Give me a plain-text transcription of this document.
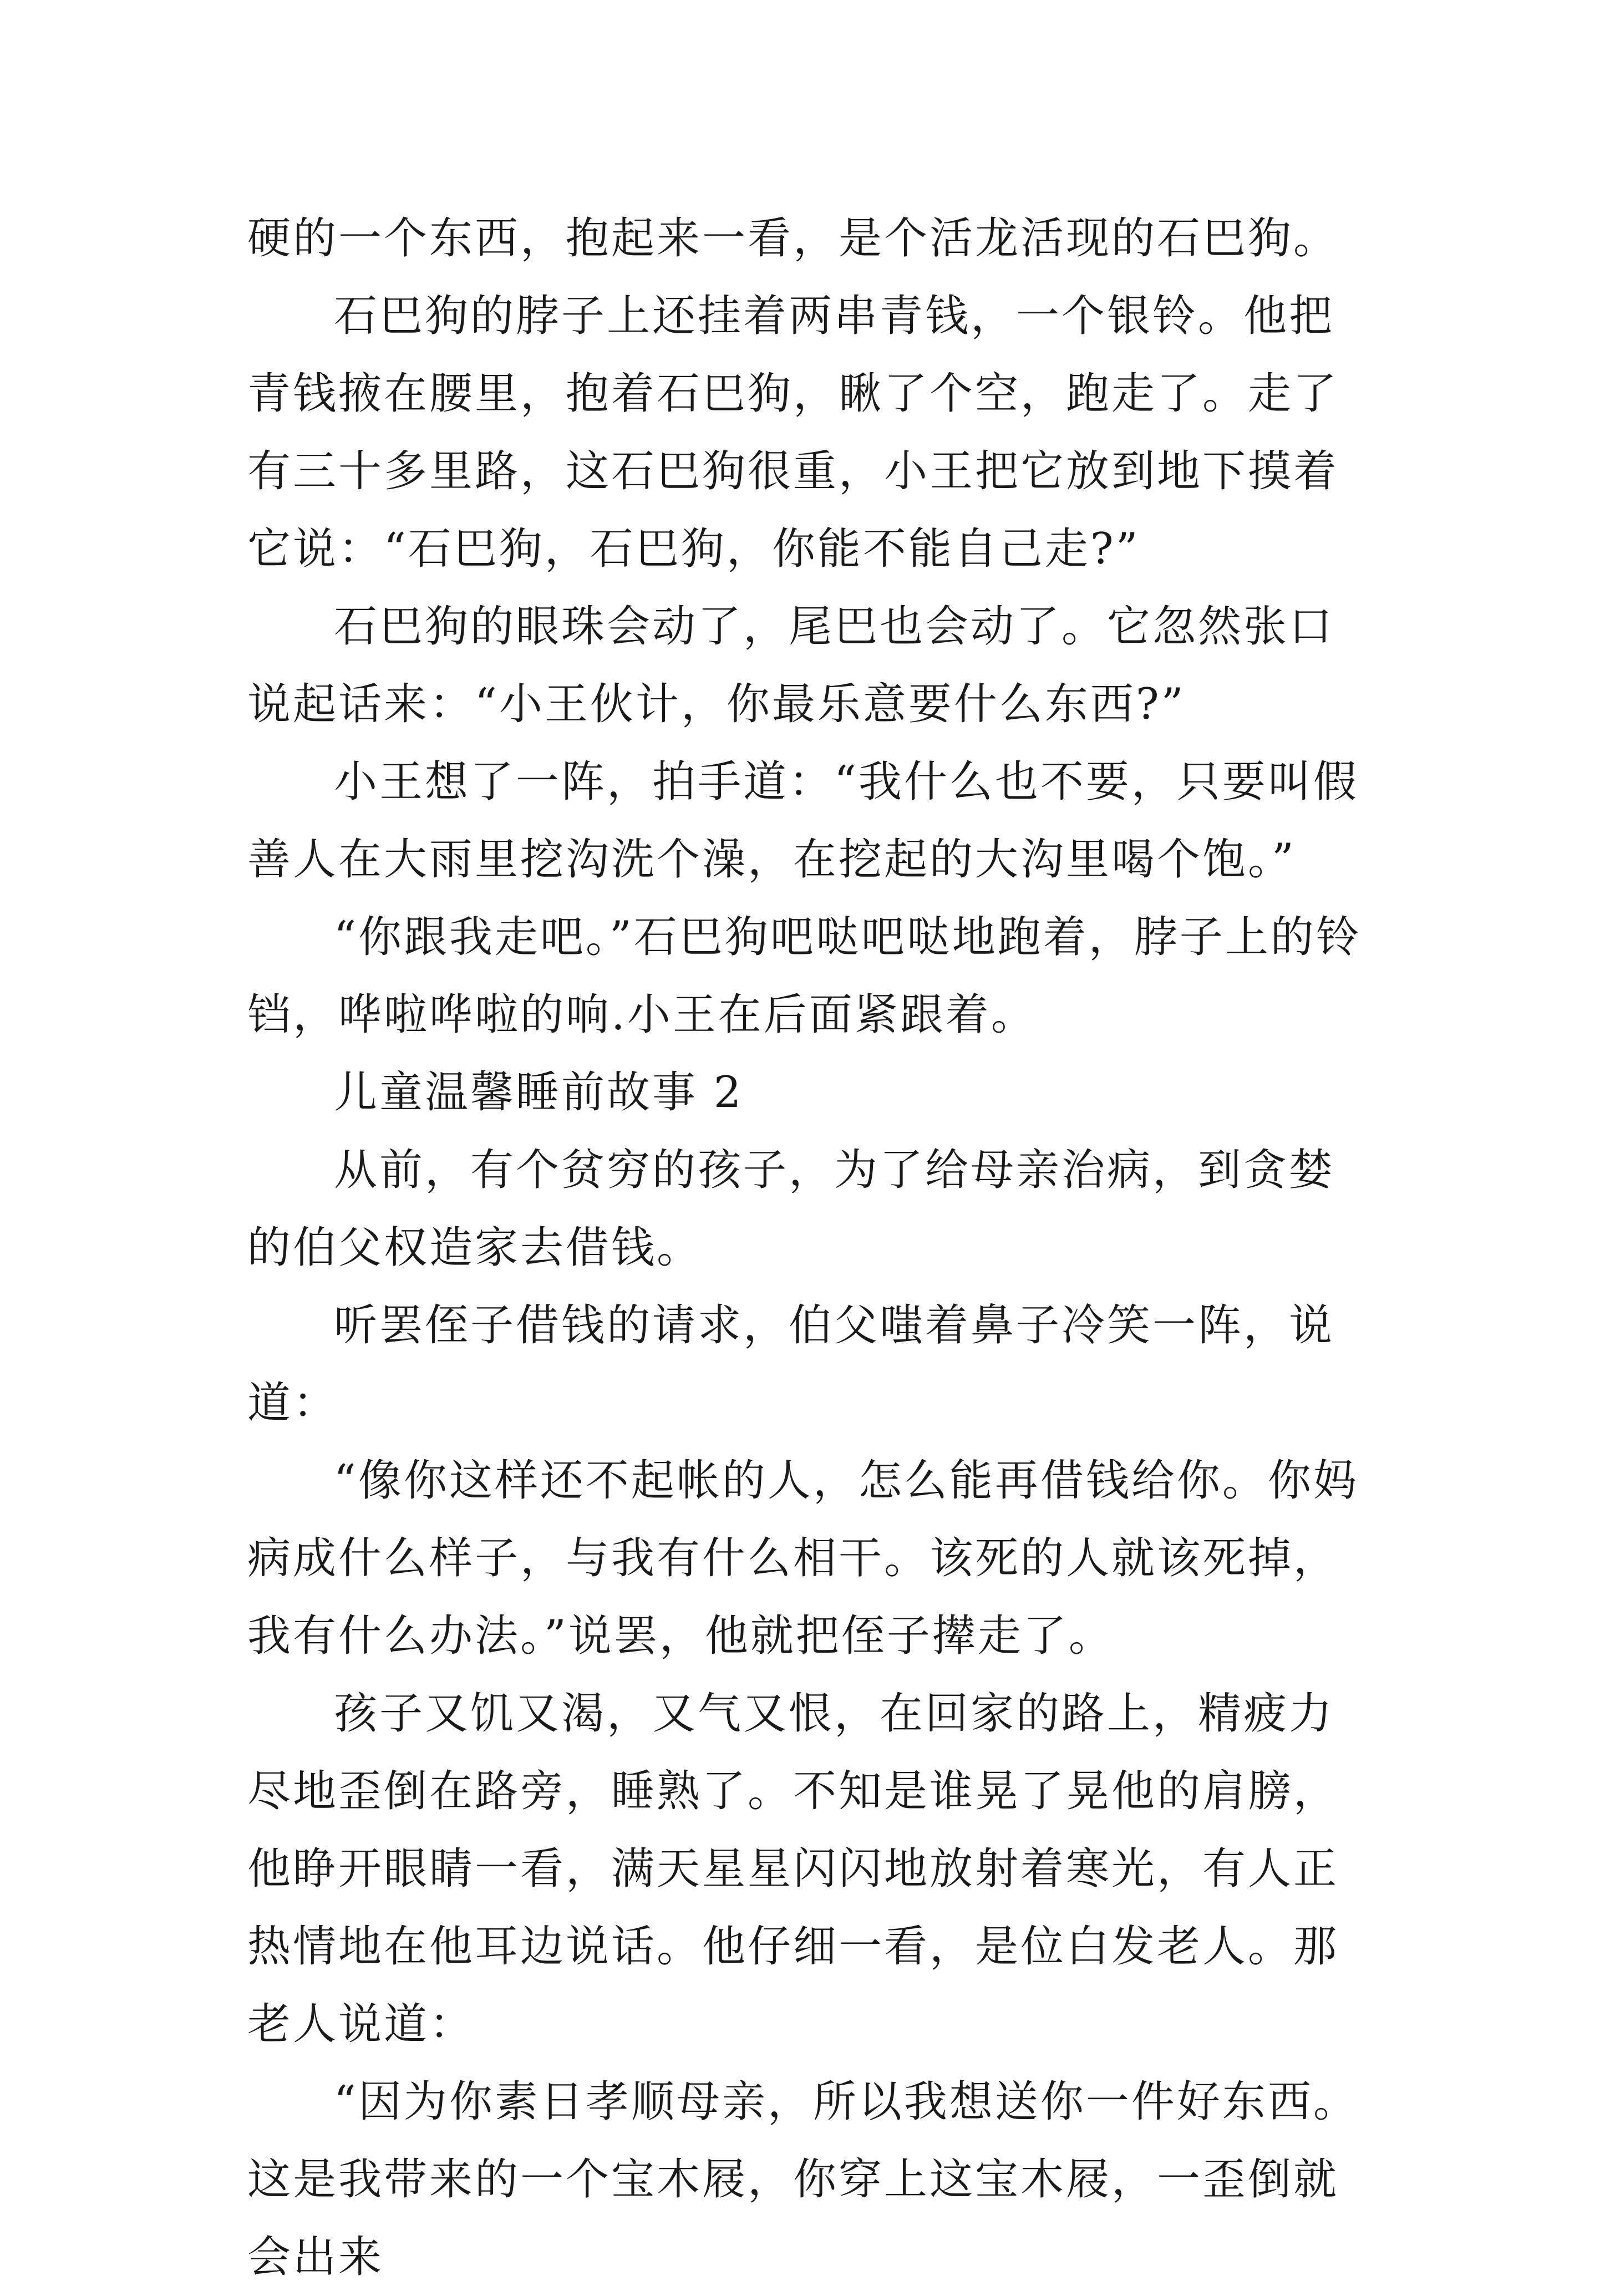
硬的一个东西，抱起来一看，是个活龙活现的石巴狗。

石巴狗的脖子上还挂着两串青钱，一个银铃。他把青钱掖在腰里，抱着石巴狗，瞅了个空，跑走了。走了有三十多里路，这石巴狗很重，小王把它放到地下摸着它说：“石巴狗，石巴狗，你能不能自己走?”

石巴狗的眼珠会动了，尾巴也会动了。它忽然张口说起话来：“小王伙计，你最乐意要什么东西?”

小王想了一阵，拍手道：“我什么也不要，只要叫假善人在大雨里挖沟洗个澡，在挖起的大沟里喝个饱。”

“你跟我走吧。”石巴狗吧哒吧哒地跑着，脖子上的铃铛，哗啦哗啦的响.小王在后面紧跟着。

儿童温馨睡前故事 2

从前，有个贫穷的孩子，为了给母亲治病，到贪婪的伯父权造家去借钱。

听罢侄子借钱的请求，伯父嗤着鼻子冷笑一阵，说道：

“像你这样还不起帐的人，怎么能再借钱给你。你妈病成什么样子，与我有什么相干。该死的人就该死掉，我有什么办法。”说罢，他就把侄子撵走了。

孩子又饥又渴，又气又恨，在回家的路上，精疲力尽地歪倒在路旁，睡熟了。不知是谁晃了晃他的肩膀，他睁开眼睛一看，满天星星闪闪地放射着寒光，有人正热情地在他耳边说话。他仔细一看，是位白发老人。那老人说道：

“因为你素日孝顺母亲，所以我想送你一件好东西。这是我带来的一个宝木屐，你穿上这宝木屐，一歪倒就会出来
